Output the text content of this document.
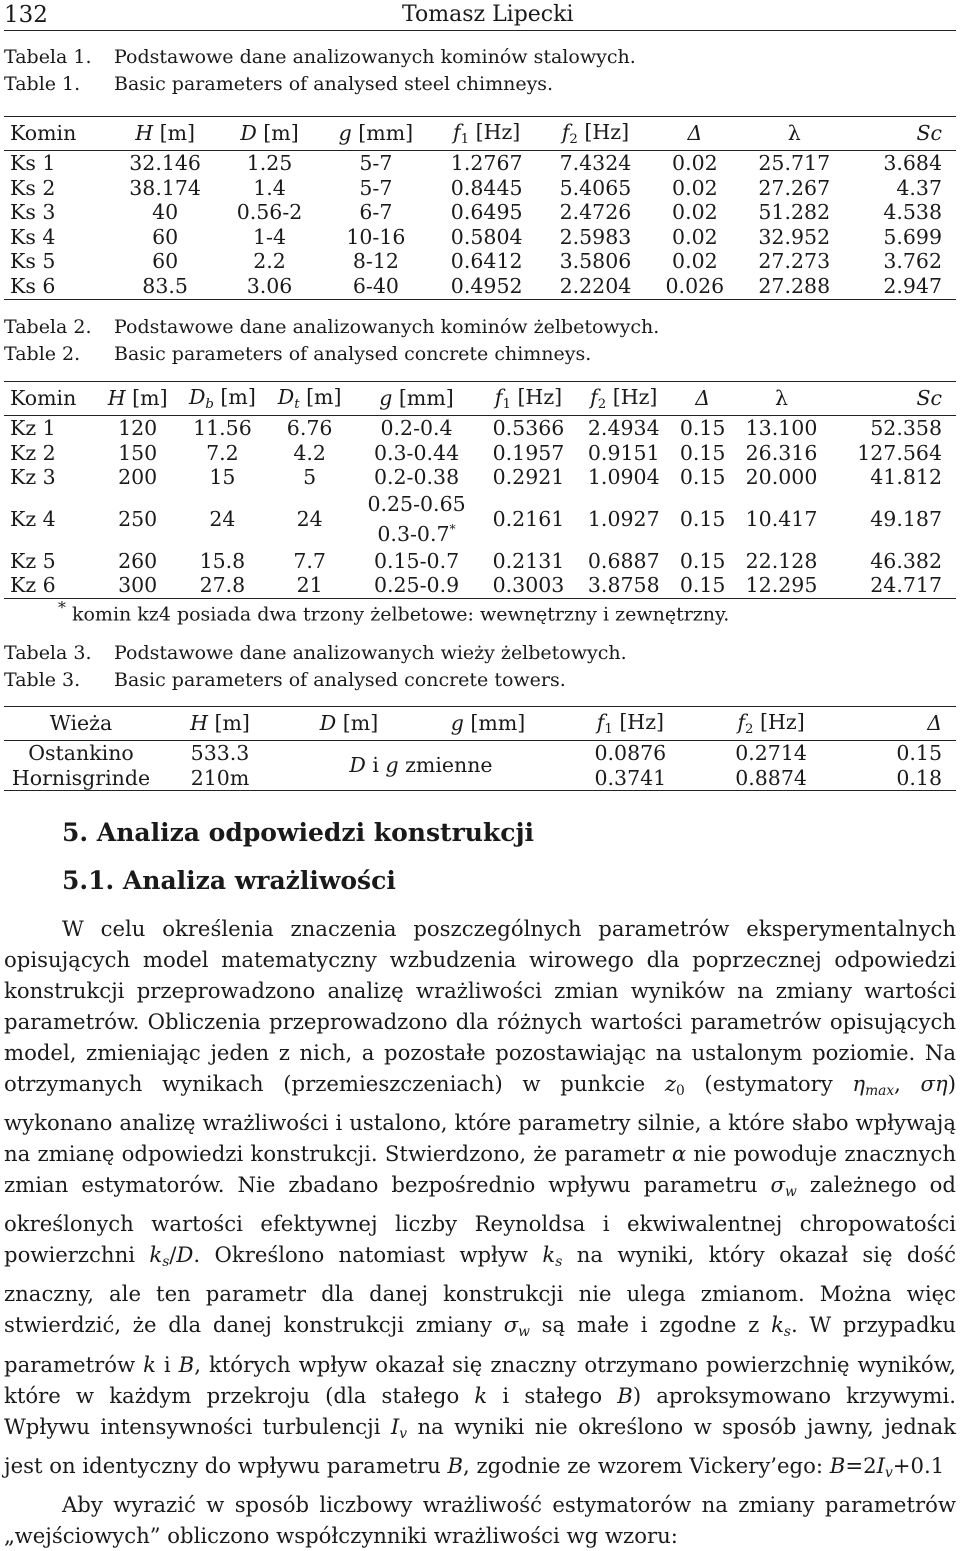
132	Tomasz Lipecki
Tabela 1.	Podstawowe dane analizowanych kominów stalowych.
Table 1.	Basic parameters of analysed steel chimneys.
Komin	H [m]	D [m]	g [mm]	$f_1$ [Hz]	$f_2$ [Hz]	Δ	λ	Sc
Ks 1	32.146	1.25	5-7	1.2767	7.4324	0.02	25.717	3.684
Ks 2	38.174	1.4	5-7	0.8445	5.4065	0.02	27.267	4.37
Ks 3	40	0.56-2	6-7	0.6495	2.4726	0.02	51.282	4.538
Ks 4	60	1-4	10-16	0.5804	2.5983	0.02	32.952	5.699
Ks 5	60	2.2	8-12	0.6412	3.5806	0.02	27.273	3.762
Ks 6	83.5	3.06	6-40	0.4952	2.2204	0.026	27.288	2.947
Tabela 2.	Podstawowe dane analizowanych kominów żelbetowych.
Table 2.	Basic parameters of analysed concrete chimneys.
Komin	H [m]	$D_b$ [m]	$D_t$ [m]	g [mm]	$f_1$ [Hz]	$f_2$ [Hz]	Δ	λ	Sc
Kz 1	120	11.56	6.76	0.2-0.4	0.5366	2.4934	0.15	13.100	52.358
Kz 2	150	7.2	4.2	0.3-0.44	0.1957	0.9151	0.15	26.316	127.564
Kz 3	200	15	5	0.2-0.38	0.2921	1.0904	0.15	20.000	41.812
Kz 4	250	24	24	0.25-0.65
0.3-0.7*	0.2161	1.0927	0.15	10.417	49.187
Kz 5	260	15.8	7.7	0.15-0.7	0.2131	0.6887	0.15	22.128	46.382
Kz 6	300	27.8	21	0.25-0.9	0.3003	3.8758	0.15	12.295	24.717
* komin kz4 posiada dwa trzony żelbetowe: wewnętrzny i zewnętrzny.
Tabela 3.	Podstawowe dane analizowanych wieży żelbetowych.
Table 3.	Basic parameters of analysed concrete towers.
Wieża	H [m]	D [m]	g [mm]	$f_1$ [Hz]	$f_2$ [Hz]	Δ
Ostankino	533.3	D i g zmienne		0.0876	0.2714	0.15
Hornisgrinde	210m			0.3741	0.8874	0.18
5. Analiza odpowiedzi konstrukcji
5.1. Analiza wrażliwości

W celu określenia znaczenia poszczególnych parametrów eksperymentalnych opisujących model matematyczny wzbudzenia wirowego dla poprzecznej odpowiedzi konstrukcji przeprowadzono analizę wrażliwości zmian wyników na zmiany wartości parametrów. Obliczenia przeprowadzono dla różnych wartości parametrów opisujących model, zmieniając jeden z nich, a pozostałe pozostawiając na ustalonym poziomie. Na otrzymanych wynikach (przemieszczeniach) w punkcie $z_0$ (estymatory $\eta_{max}$, ση) wykonano analizę wrażliwości i ustalono, które parametry silnie, a które słabo wpływają na zmianę odpowiedzi konstrukcji. Stwierdzono, że parametr α nie powoduje znacznych zmian estymatorów. Nie zbadano bezpośrednio wpływu parametru $\sigma_w$ zależnego od określonych wartości efektywnej liczby Reynoldsa i ekwiwalentnej chropowatości powierzchni $k_s/D$. Określono natomiast wpływ $k_s$ na wyniki, który okazał się dość znaczny, ale ten parametr dla danej konstrukcji nie ulega zmianom. Można więc stwierdzić, że dla danej konstrukcji zmiany $\sigma_w$ są małe i zgodne z $k_s$. W przypadku parametrów k i B, których wpływ okazał się znaczny otrzymano powierzchnię wyników, które w każdym przekroju (dla stałego k i stałego B) aproksymowano krzywymi. Wpływu intensywności turbulencji $I_v$ na wyniki nie określono w sposób jawny, jednak jest on identyczny do wpływu parametru B, zgodnie ze wzorem Vickery’ego: $B=2I_v+0.1$

Aby wyrazić w sposób liczbowy wrażliwość estymatorów na zmiany parametrów „wejściowych” obliczono współczynniki wrażliwości wg wzoru:
